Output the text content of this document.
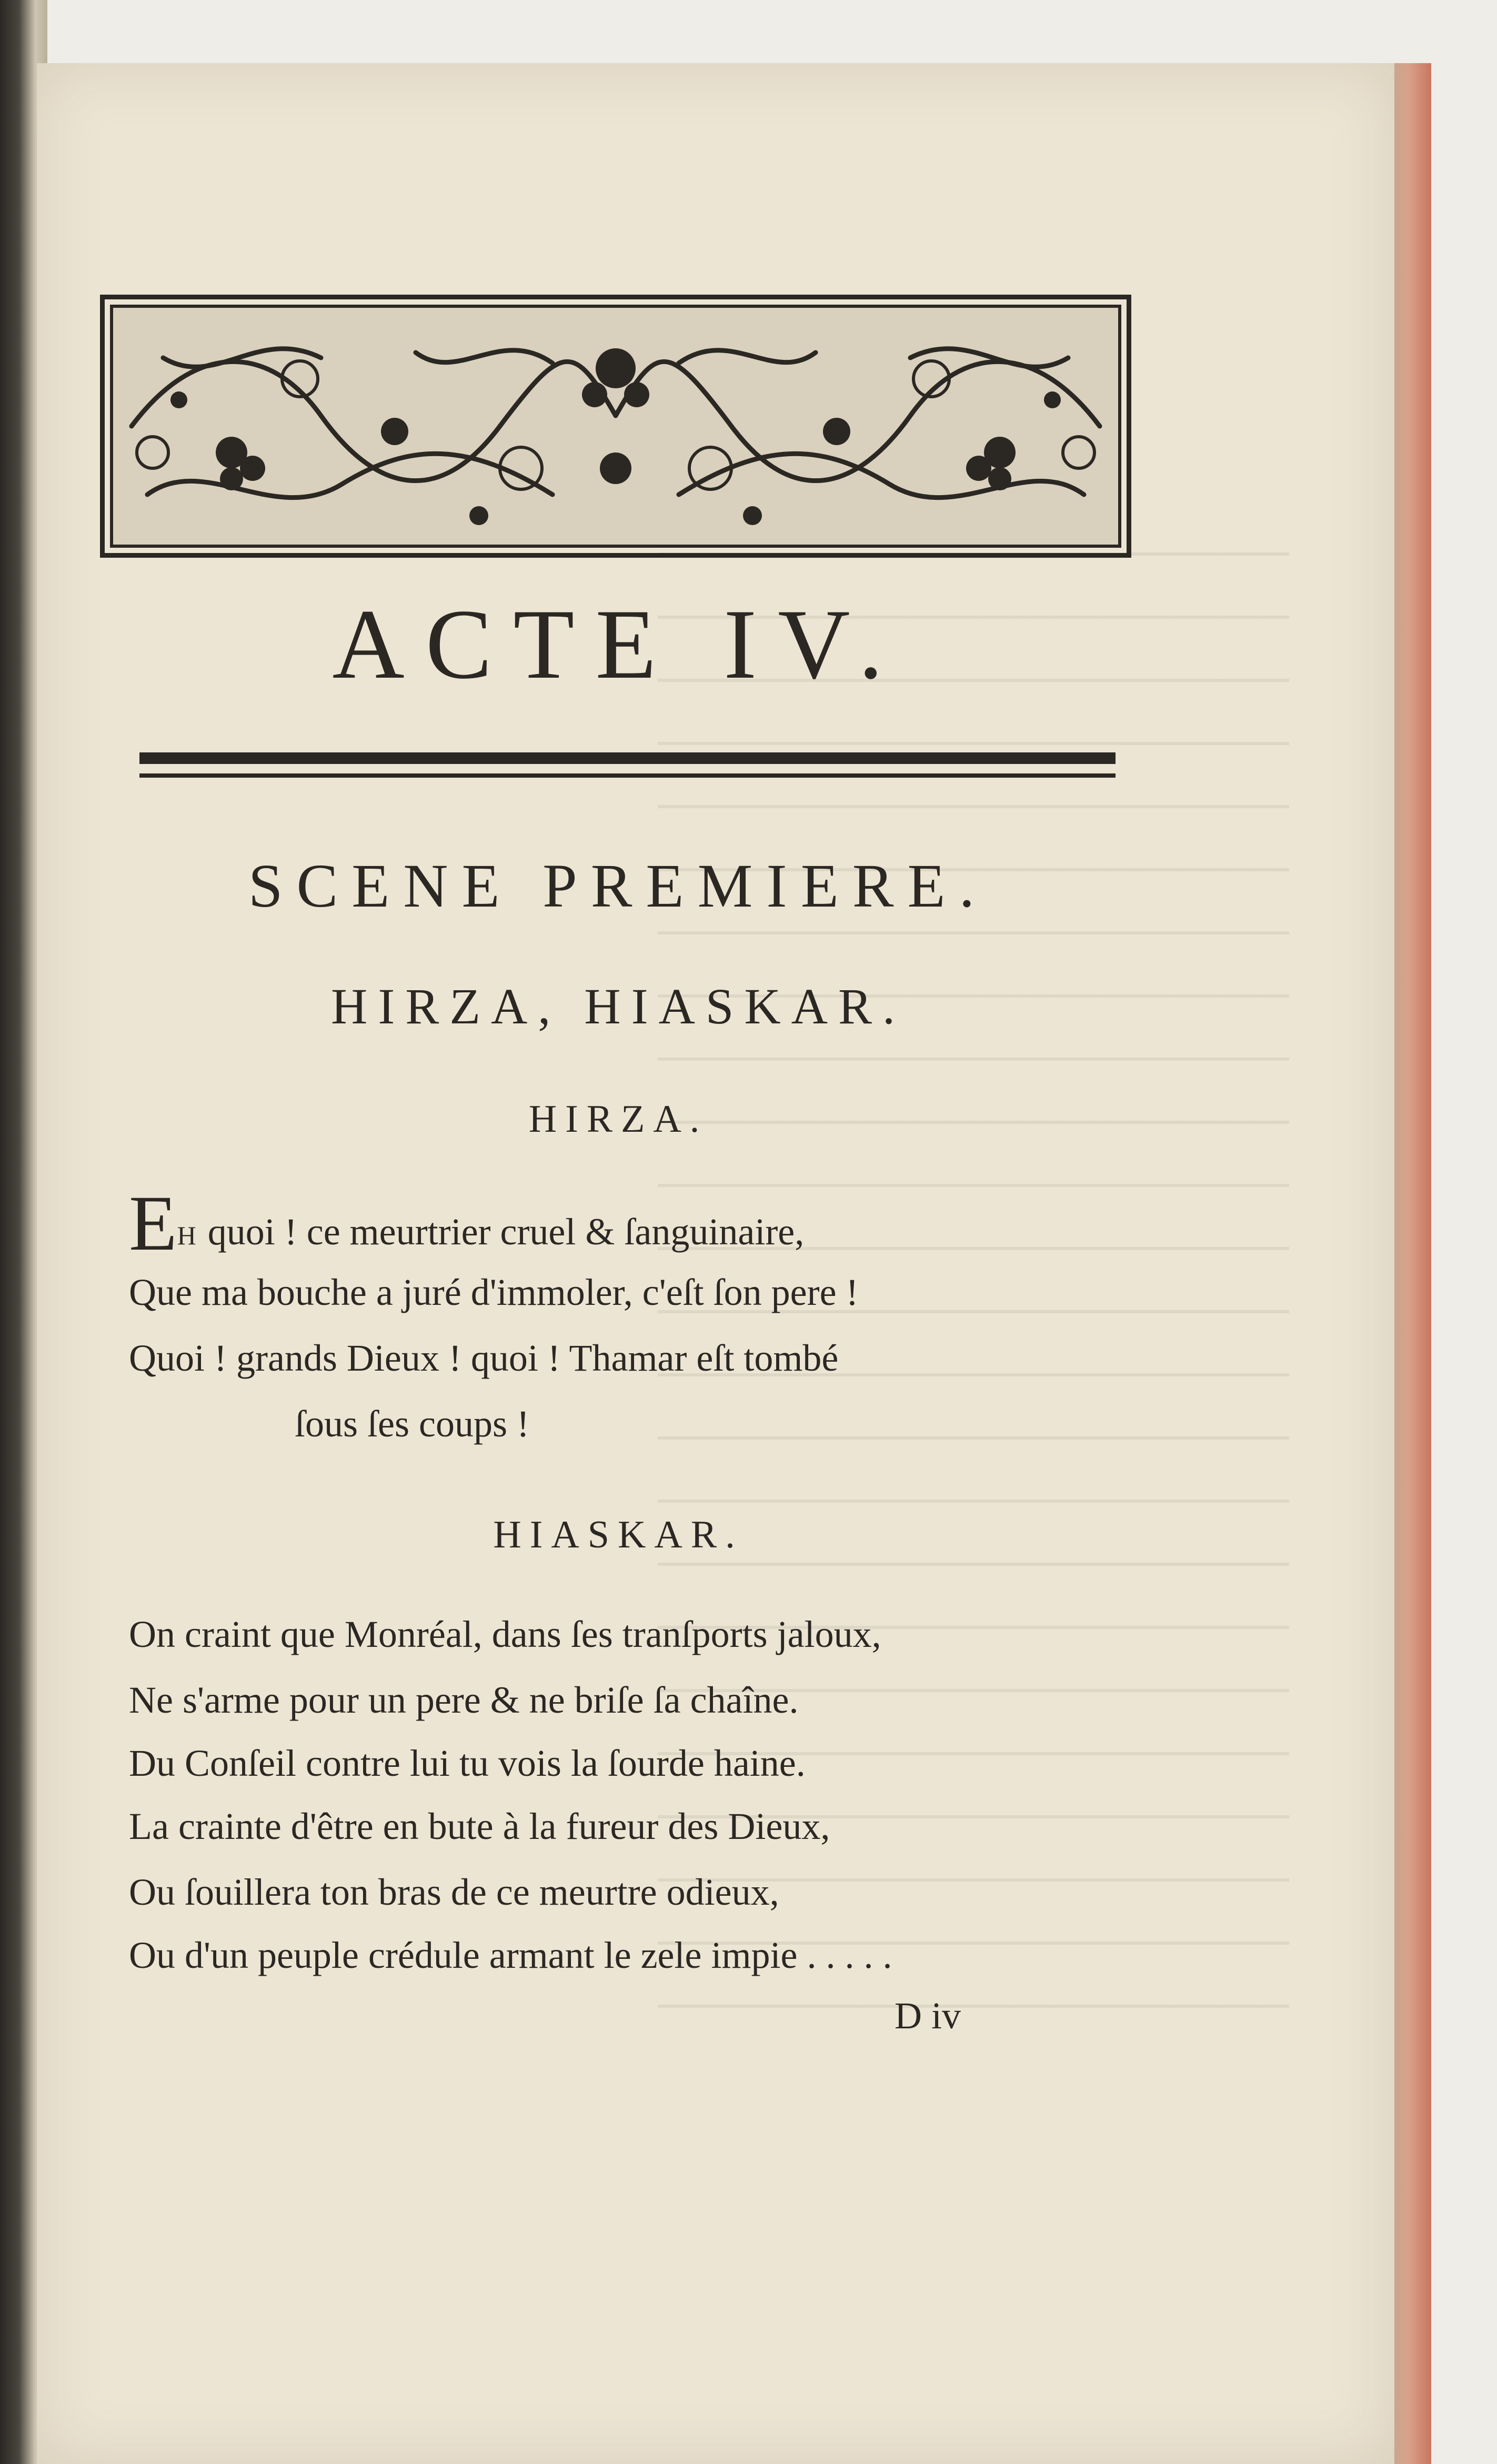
ACTE IV.
SCENE PREMIERE.
HIRZA, HIASKAR.
HIRZA.
EH quoi ! ce meurtrier cruel & ſanguinaire,
Que ma bouche a juré d'immoler, c'eſt ſon pere !
Quoi ! grands Dieux ! quoi ! Thamar eſt tombé
ſous ſes coups !
HIASKAR.
On craint que Monréal, dans ſes tranſports jaloux,
Ne s'arme pour un pere & ne briſe ſa chaîne.
Du Conſeil contre lui tu vois la ſourde haine.
La crainte d'être en bute à la fureur des Dieux,
Ou ſouillera ton bras de ce meurtre odieux,
Ou d'un peuple crédule armant le zele impie . . . . .
D iv
